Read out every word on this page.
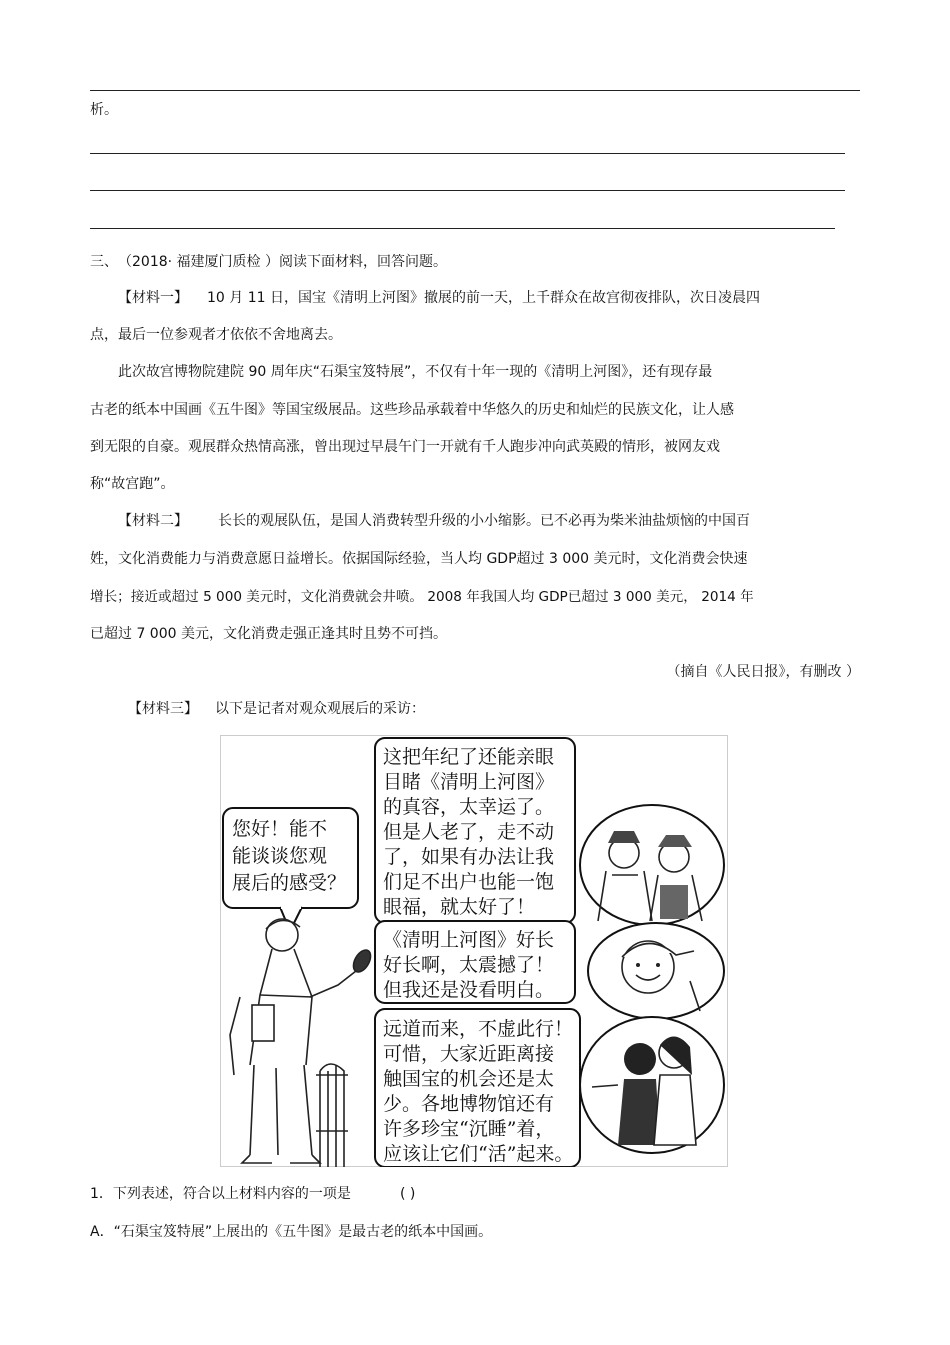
析。
三、 （2018· 福建厦门质检 ）阅读下面材料，回答问题。
【材料一】 10 月 11 日，国宝《清明上河图》撤展的前一天，上千群众在故宫彻夜排队，次日凌晨四
点，最后一位参观者才依依不舍地离去。
此次故宫博物院建院 90 周年庆“石渠宝笈特展”，不仅有十年一现的《清明上河图》，还有现存最
古老的纸本中国画《五牛图》等国宝级展品。这些珍品承载着中华悠久的历史和灿烂的民族文化，让人感
到无限的自豪。观展群众热情高涨，曾出现过早晨午门一开就有千人跑步冲向武英殿的情形，被网友戏
称“故宫跑”。
【材料二】 长长的观展队伍，是国人消费转型升级的小小缩影。已不必再为柴米油盐烦恼的中国百
姓，文化消费能力与消费意愿日益增长。依据国际经验，当人均 GDP超过 3 000 美元时，文化消费会快速
增长；接近或超过 5 000 美元时，文化消费就会井喷。 2008 年我国人均 GDP已超过 3 000 美元， 2014 年
已超过 7 000 美元，文化消费走强正逢其时且势不可挡。
（摘自《人民日报》，有删改 ）
【材料三】 以下是记者对观众观展后的采访：
您好！能不
能谈谈您观
展后的感受？
这把年纪了还能亲眼
目睹《清明上河图》
的真容，太幸运了。
但是人老了，走不动
了，如果有办法让我
们足不出户也能一饱
眼福，就太好了！
《清明上河图》好长
好长啊，太震撼了！
但我还是没看明白。
远道而来，不虚此行！
可惜，大家近距离接
触国宝的机会还是太
少。各地博物馆还有
许多珍宝“沉睡”着，
应该让它们“活”起来。
1．下列表述，符合以上材料内容的一项是	( )
A．“石渠宝笈特展”上展出的《五牛图》是最古老的纸本中国画。
